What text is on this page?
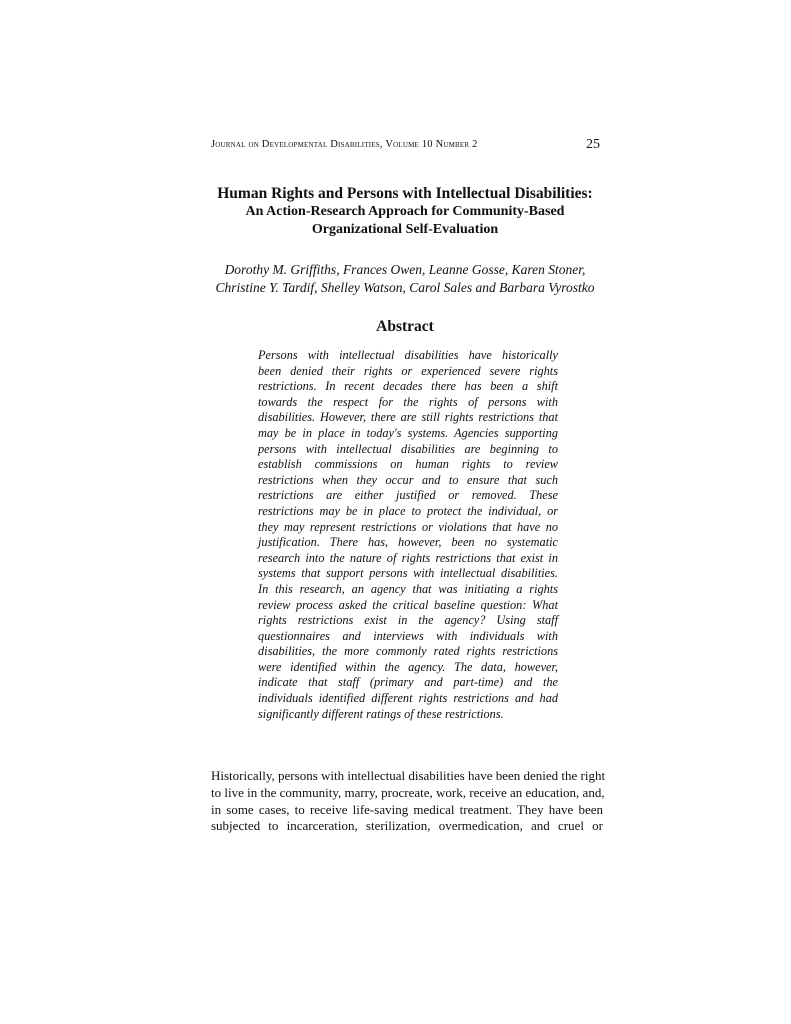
Journal on Developmental Disabilities, Volume 10 Number 2	25

Human Rights and Persons with Intellectual Disabilities:

An Action-Research Approach for Community-Based

Organizational Self-Evaluation

Dorothy M. Griffiths, Frances Owen, Leanne Gosse, Karen Stoner,
Christine Y. Tardif, Shelley Watson, Carol Sales and Barbara Vyrostko
Abstract
Persons with intellectual disabilities have historically
been denied their rights or experienced severe rights
restrictions. In recent decades there has been a shift
towards the respect for the rights of persons with
disabilities. However, there are still rights restrictions that
may be in place in today's systems. Agencies supporting
persons with intellectual disabilities are beginning to
establish commissions on human rights to review
restrictions when they occur and to ensure that such
restrictions are either justified or removed. These
restrictions may be in place to protect the individual, or
they may represent restrictions or violations that have no
justification. There has, however, been no systematic
research into the nature of rights restrictions that exist in
systems that support persons with intellectual disabilities.
In this research, an agency that was initiating a rights
review process asked the critical baseline question: What
rights restrictions exist in the agency? Using staff
questionnaires and interviews with individuals with
disabilities, the more commonly rated rights restrictions
were identified within the agency. The data, however,
indicate that staff (primary and part-time) and the
individuals identified different rights restrictions and had
significantly different ratings of these restrictions.
Historically, persons with intellectual disabilities have been denied the right
to live in the community, marry, procreate, work, receive an education, and,
in some cases, to receive life-saving medical treatment. They have been
subjected to incarceration, sterilization, overmedication, and cruel or
